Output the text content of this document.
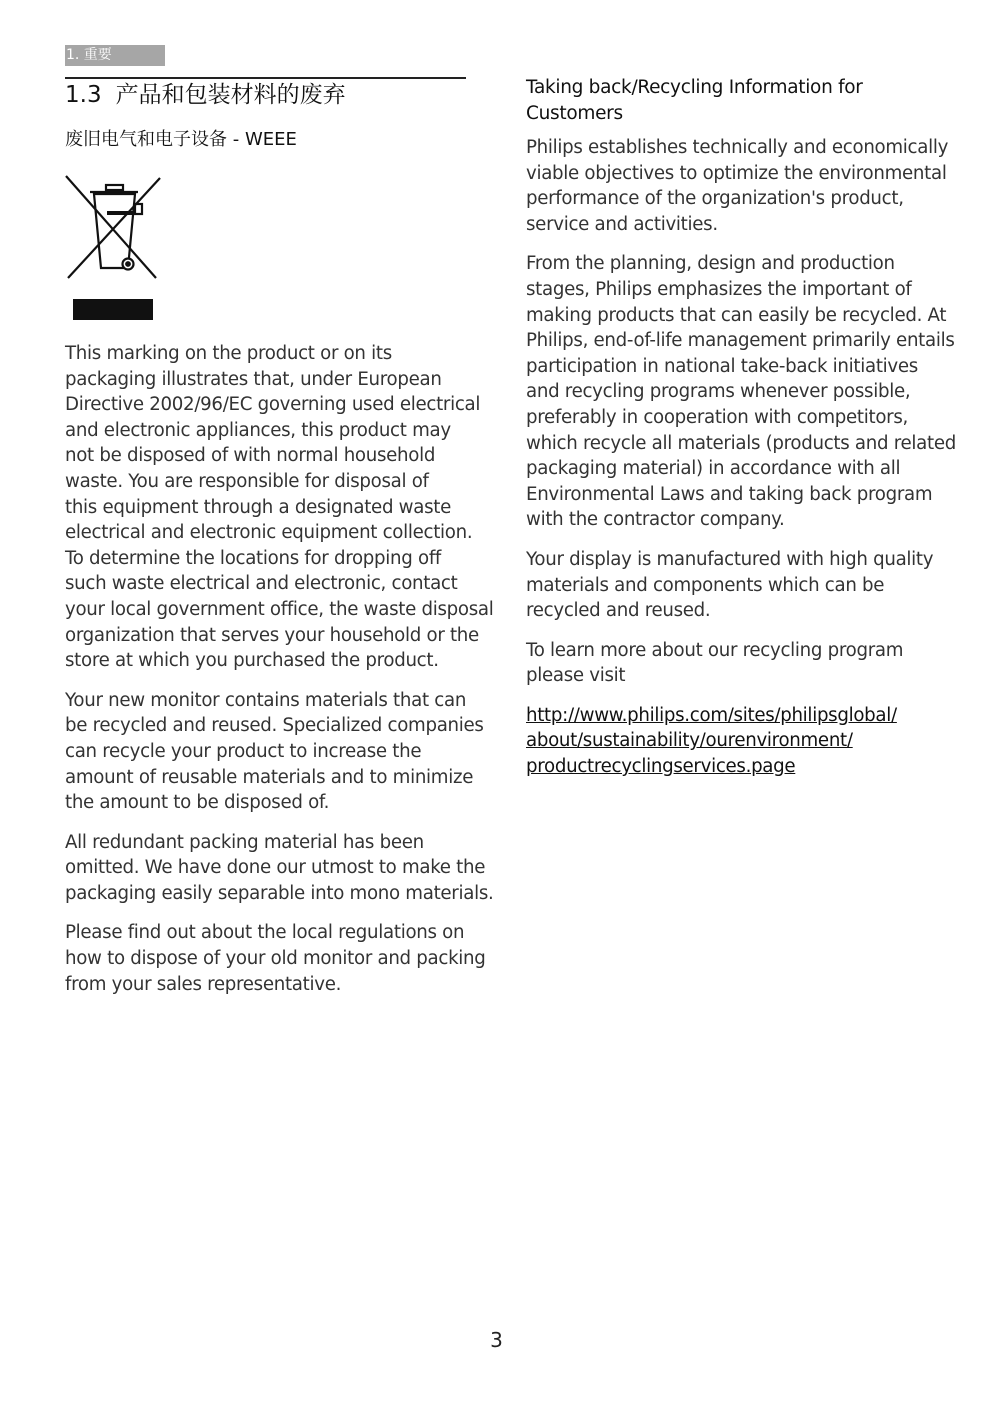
1. 重要
1.3 产品和包装材料的废弃
废旧电气和电子设备 - WEEE
This marking on the product or on its
packaging illustrates that, under European
Directive 2002/96/EC governing used electrical
and electronic appliances, this product may
not be disposed of with normal household
waste. You are responsible for disposal of
this equipment through a designated waste
electrical and electronic equipment collection.
To determine the locations for dropping off
such waste electrical and electronic, contact
your local government office, the waste disposal
organization that serves your household or the
store at which you purchased the product.
Your new monitor contains materials that can
be recycled and reused. Specialized companies
can recycle your product to increase the
amount of reusable materials and to minimize
the amount to be disposed of.
All redundant packing material has been
omitted. We have done our utmost to make the
packaging easily separable into mono materials.
Please find out about the local regulations on
how to dispose of your old monitor and packing
from your sales representative.
Taking back/Recycling Information for
Customers
Philips establishes technically and economically
viable objectives to optimize the environmental
performance of the organization's product,
service and activities.
From the planning, design and production
stages, Philips emphasizes the important of
making products that can easily be recycled. At
Philips, end-of-life management primarily entails
participation in national take-back initiatives
and recycling programs whenever possible,
preferably in cooperation with competitors,
which recycle all materials (products and related
packaging material) in accordance with all
Environmental Laws and taking back program
with the contractor company.
Your display is manufactured with high quality
materials and components which can be
recycled and reused.
To learn more about our recycling program
please visit
http://www.philips.com/sites/philipsglobal/
about/sustainability/ourenvironment/
productrecyclingservices.page
3
